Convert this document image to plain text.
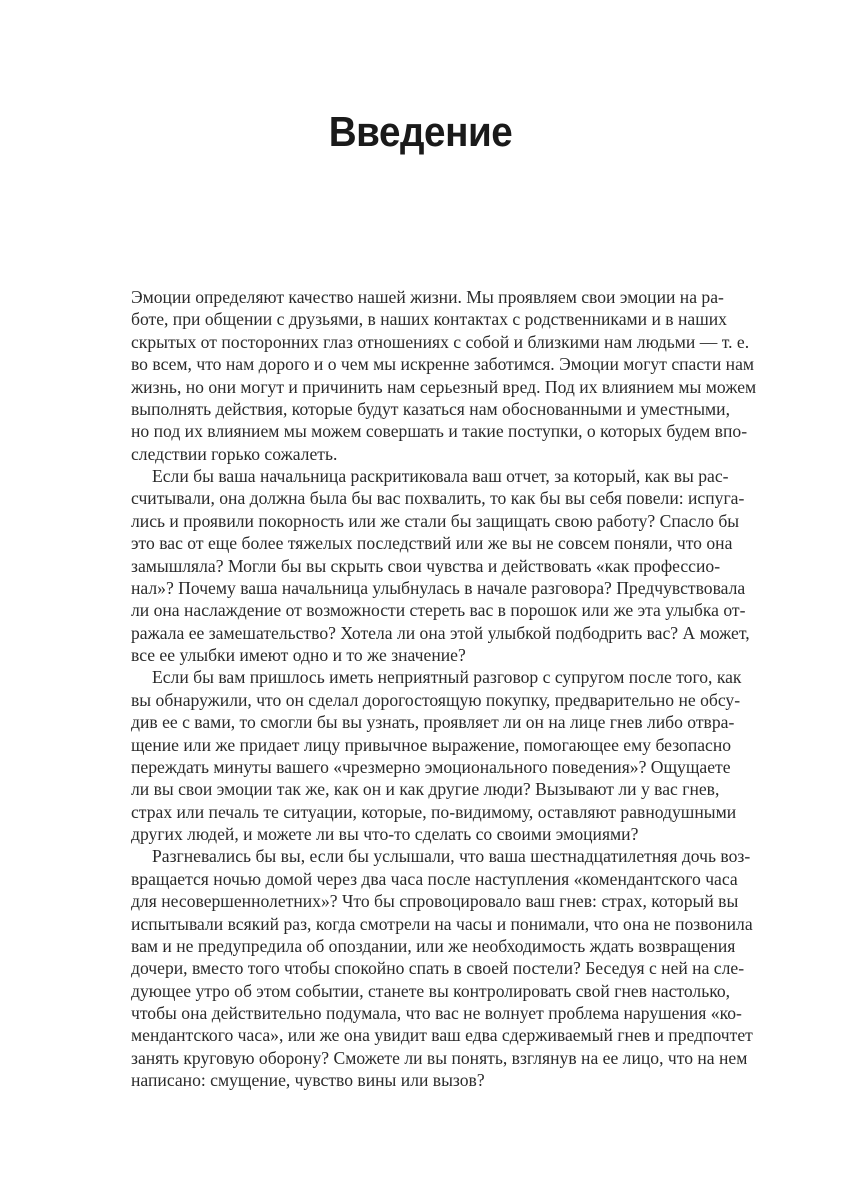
Введение
Эмоции определяют качество нашей жизни. Мы проявляем свои эмоции на ра-
боте, при общении с друзьями, в наших контактах с родственниками и в наших
скрытых от посторонних глаз отношениях с собой и близкими нам людьми — т. е.
во всем, что нам дорого и о чем мы искренне заботимся. Эмоции могут спасти нам
жизнь, но они могут и причинить нам серьезный вред. Под их влиянием мы можем
выполнять действия, которые будут казаться нам обоснованными и уместными,
но под их влиянием мы можем совершать и такие поступки, о которых будем впо-
следствии горько сожалеть.
Если бы ваша начальница раскритиковала ваш отчет, за который, как вы рас-
считывали, она должна была бы вас похвалить, то как бы вы себя повели: испуга-
лись и проявили покорность или же стали бы защищать свою работу? Спасло бы
это вас от еще более тяжелых последствий или же вы не совсем поняли, что она
замышляла? Могли бы вы скрыть свои чувства и действовать «как профессио-
нал»? Почему ваша начальница улыбнулась в начале разговора? Предчувствовала
ли она наслаждение от возможности стереть вас в порошок или же эта улыбка от-
ражала ее замешательство? Хотела ли она этой улыбкой подбодрить вас? А может,
все ее улыбки имеют одно и то же значение?
Если бы вам пришлось иметь неприятный разговор с супругом после того, как
вы обнаружили, что он сделал дорогостоящую покупку, предварительно не обсу-
див ее с вами, то смогли бы вы узнать, проявляет ли он на лице гнев либо отвра-
щение или же придает лицу привычное выражение, помогающее ему безопасно
переждать минуты вашего «чрезмерно эмоционального поведения»? Ощущаете
ли вы свои эмоции так же, как он и как другие люди? Вызывают ли у вас гнев,
страх или печаль те ситуации, которые, по-видимому, оставляют равнодушными
других людей, и можете ли вы что-то сделать со своими эмоциями?
Разгневались бы вы, если бы услышали, что ваша шестнадцатилетняя дочь воз-
вращается ночью домой через два часа после наступления «комендантского часа
для несовершеннолетних»? Что бы спровоцировало ваш гнев: страх, который вы
испытывали всякий раз, когда смотрели на часы и понимали, что она не позвонила
вам и не предупредила об опоздании, или же необходимость ждать возвращения
дочери, вместо того чтобы спокойно спать в своей постели? Беседуя с ней на сле-
дующее утро об этом событии, станете вы контролировать свой гнев настолько,
чтобы она действительно подумала, что вас не волнует проблема нарушения «ко-
мендантского часа», или же она увидит ваш едва сдерживаемый гнев и предпочтет
занять круговую оборону? Сможете ли вы понять, взглянув на ее лицо, что на нем
написано: смущение, чувство вины или вызов?
